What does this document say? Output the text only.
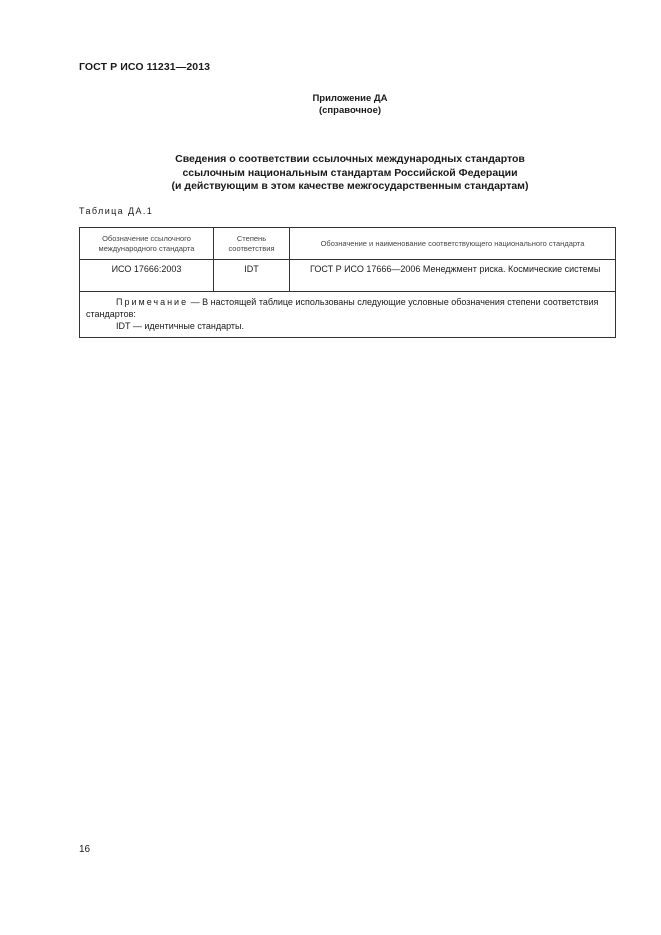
ГОСТ Р ИСО 11231—2013
Приложение ДА
(справочное)
Сведения о соответствии ссылочных международных стандартов
ссылочным национальным стандартам Российской Федерации
(и действующим в этом качестве межгосударственным стандартам)
Таблица ДА.1
Обозначение ссылочного международного стандарта	Степень соответствия	Обозначение и наименование соответствующего национального стандарта
ИСО 17666:2003	IDT	ГОСТ Р ИСО 17666—2006 Менеджмент риска. Космические системы

Примечание — В настоящей таблице использованы следующие условные обозначения степени соответствия стандартов:
IDT — идентичные стандарты.		
16
